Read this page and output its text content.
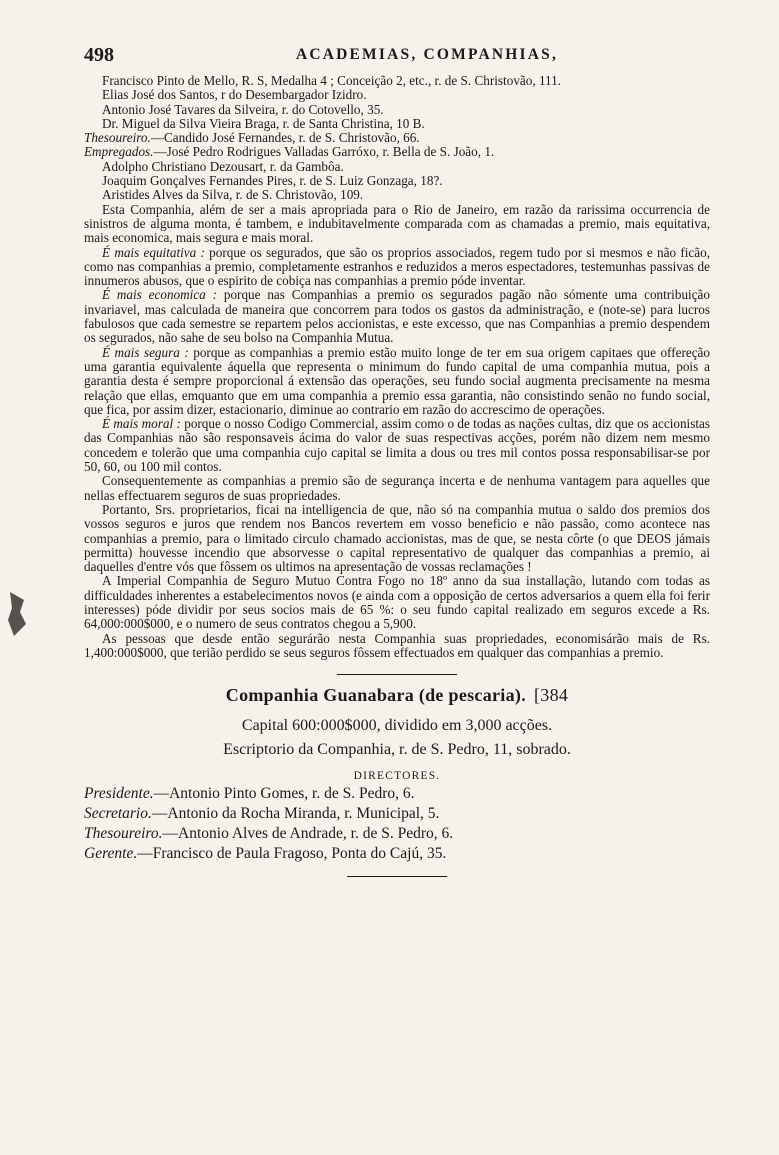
498	ACADEMIAS, COMPANHIAS,

Francisco Pinto de Mello, R. S, Medalha 4 ; Conceição 2, etc., r. de S. Christovão, 111.

Elias José dos Santos, r do Desembargador Izidro.

Antonio José Tavares da Silveira, r. do Cotovello, 35.

Dr. Miguel da Silva Vieira Braga, r. de Santa Christina, 10 B.

Thesoureiro.—Candido José Fernandes, r. de S. Christovão, 66.

Empregados.—José Pedro Rodrigues Valladas Garróxo, r. Bella de S. João, 1.

Adolpho Christiano Dezousart, r. da Gambôa.

Joaquim Gonçalves Fernandes Pires, r. de S. Luiz Gonzaga, 18?.

Aristides Alves da Silva, r. de S. Christovão, 109.

Esta Companhia, além de ser a mais apropriada para o Rio de Janeiro, em razão da rarissima occurrencia de sinistros de alguma monta, é tambem, e indubitavelmente comparada com as chamadas a premio, mais equitativa, mais economica, mais segura e mais moral.

É mais equitativa : porque os segurados, que são os proprios associados, regem tudo por si mesmos e não ficão, como nas companhias a premio, completamente estranhos e reduzidos a meros espectadores, testemunhas passivas de innumeros abusos, que o espirito de cobiça nas companhias a premio póde inventar.

É mais economica : porque nas Companhias a premio os segurados pagão não sómente uma contribuição invariavel, mas calculada de maneira que concorrem para todos os gastos da administração, e (note-se) para lucros fabulosos que cada semestre se repartem pelos accionistas, e este excesso, que nas Companhias a premio despendem os segurados, não sahe de seu bolso na Companhia Mutua.

É mais segura : porque as companhias a premio estão muito longe de ter em sua origem capitaes que offereção uma garantia equivalente áquella que representa o minimum do fundo capital de uma companhia mutua, pois a garantia desta é sempre proporcional á extensão das operações, seu fundo social augmenta precisamente na mesma relação que ellas, emquanto que em uma companhia a premio essa garantia, não consistindo senão no fundo social, que fica, por assim dizer, estacionario, diminue ao contrario em razão do accrescimo de operações.

É mais moral : porque o nosso Codigo Commercial, assim como o de todas as nações cultas, diz que os accionistas das Companhias não são responsaveis ácima do valor de suas respectivas acções, porém não dizem nem mesmo concedem e tolerão que uma companhia cujo capital se limita a dous ou tres mil contos possa responsabilisar-se por 50, 60, ou 100 mil contos.

Consequentemente as companhias a premio são de segurança incerta e de nenhuma vantagem para aquelles que nellas effectuarem seguros de suas propriedades.

Portanto, Srs. proprietarios, ficai na intelligencia de que, não só na companhia mutua o saldo dos premios dos vossos seguros e juros que rendem nos Bancos revertem em vosso beneficio e não passão, como acontece nas companhias a premio, para o limitado circulo chamado accionistas, mas de que, se nesta côrte (o que DEOS jámais permitta) houvesse incendio que absorvesse o capital representativo de qualquer das companhias a premio, ai daquelles d'entre vós que fôssem os ultimos na apresentação de vossas reclamações !

A Imperial Companhia de Seguro Mutuo Contra Fogo no 18º anno da sua installação, lutando com todas as difficuldades inherentes a estabelecimentos novos (e ainda com a opposição de certos adversarios a quem ella foi ferir interesses) póde dividir por seus socios mais de 65 %: o seu fundo capital realizado em seguros excede a Rs. 64,000:000$000, e o numero de seus contratos chegou a 5,900.

As pessoas que desde então segurárão nesta Companhia suas propriedades, economisárão mais de Rs. 1,400:000$000, que terião perdido se seus seguros fôssem effectuados em qualquer das companhias a premio.

Companhia Guanabara (de pescaria). [384
Capital 600:000$000, dividido em 3,000 acções.
Escriptorio da Companhia, r. de S. Pedro, 11, sobrado.
DIRECTORES.
Presidente.—Antonio Pinto Gomes, r. de S. Pedro, 6.
Secretario.—Antonio da Rocha Miranda, r. Municipal, 5.
Thesoureiro.—Antonio Alves de Andrade, r. de S. Pedro, 6.
Gerente.—Francisco de Paula Fragoso, Ponta do Cajú, 35.
